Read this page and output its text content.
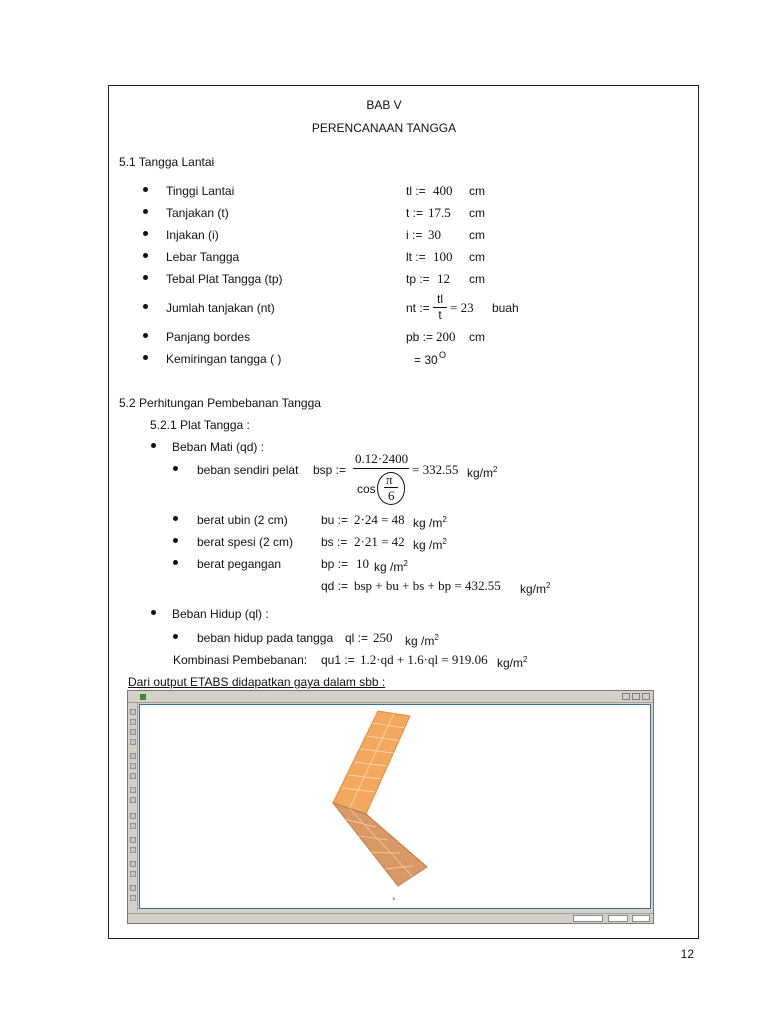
BAB V
PERENCANAAN TANGGA
5.1 Tangga Lantai
Tinggi Lantai	tl := 400 cm
Tanjakan (t)	t := 17.5 cm
Injakan (i)	i := 30 cm
Lebar Tangga	lt := 100 cm
Tebal Plat Tangga (tp)	tp := 12 cm
Jumlah tanjakan (nt)	nt := $\frac{tl}{t} = 23$ buah
Panjang bordes	pb := 200 cm
Kemiringan tangga ( )	= 30 O
5.2 Perhitungan Pembebanan Tangga
5.2.1 Plat Tangga :
Beban Mati (qd) :
beban sendiri pelat bsp :=
0.12·2400
cos
π
6
= 332.55 $kg/m^2$
berat ubin (2 cm)	bu := 2·24 = 48 kg $/m^2$
berat spesi (2 cm) bs := 2·21 = 42 kg $/m^2$
berat pegangan	bp := 10 kg $/m^2$
qd := bsp + bu + bs + bp = 432.55 $kg/m^2$
Beban Hidup (ql) :
beban hidup pada tangga ql := 250 kg $/m^2$
Kombinasi Pembebanan: qu1 := 1.2·qd + 1.6·ql = 919.06 $kg/m^2$
Dari output ETABS didapatkan gaya dalam sbb :
×
12
